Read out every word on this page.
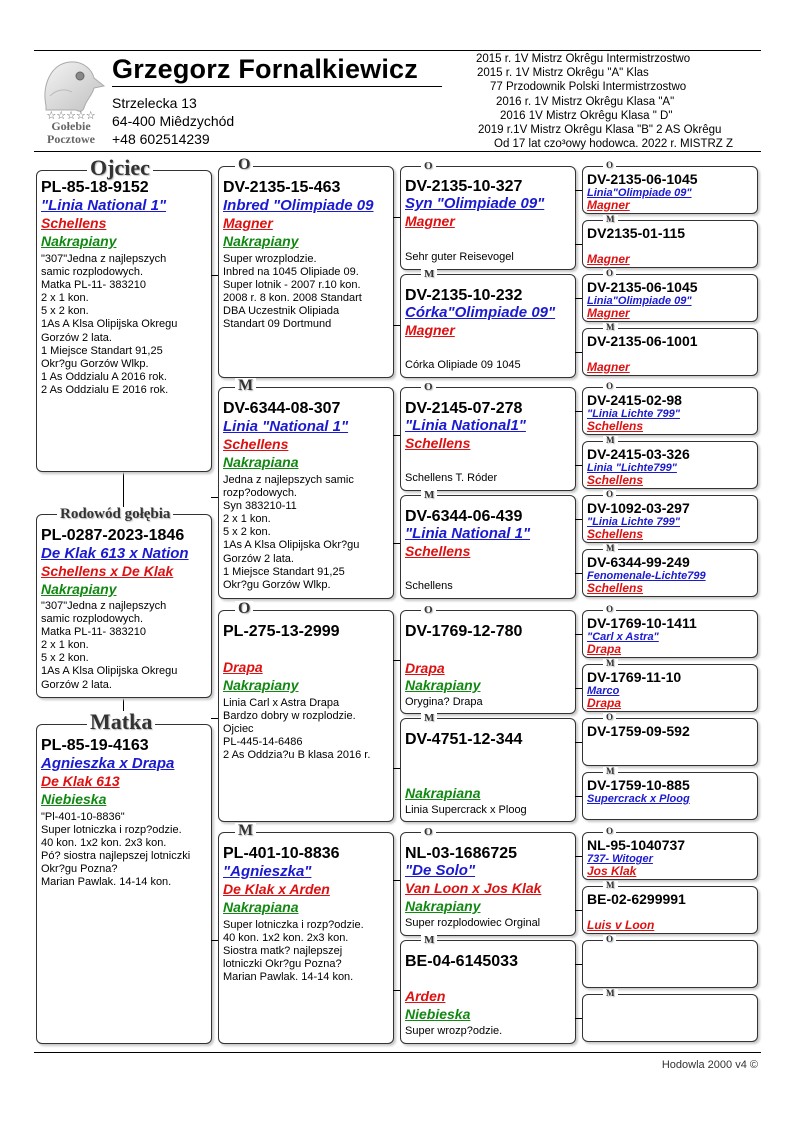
☆☆☆☆☆
Gołebie
Pocztowe
Grzegorz Fornalkiewicz
Strzelecka 13
64-400 Miêdzychód
+48 602514239
2015 r. 1V Mistrz Okrêgu Intermistrzostwo
2015 r. 1V Mistrz Okrêgu "A" Klas
77 Przodownik Polski Intermistrzostwo
2016 r. 1V Mistrz Okrêgu Klasa "A"
2016 1V Mistrz Okrêgu Klasa " D"
2019 r.1V Mistrz Okrêgu Klasa "B" 2 AS Okrêgu
Od 17 lat czo³owy hodowca. 2022 r. MISTRZ Z
Ojciec
PL-85-18-9152
"Linia National 1"
Schellens
Nakrapiany
"307"Jedna z najlepszych
samic rozplodowych.
Matka PL-11- 383210
2 x 1 kon.
5 x 2 kon.
1As A Klsa Olipijska Okregu
Gorzów 2 lata.
1 Miejsce Standart 91,25
Okr?gu Gorzów Wlkp.
1 As Oddzialu A 2016 rok.
2 As Oddzialu E 2016 rok.
Rodowód gołębia
PL-0287-2023-1846
De Klak 613 x Nation
Schellens x De Klak
Nakrapiany
"307"Jedna z najlepszych
samic rozplodowych.
Matka PL-11- 383210
2 x 1 kon.
5 x 2 kon.
1As A Klsa Olipijska Okregu
Gorzów 2 lata.
Matka
PL-85-19-4163
Agnieszka x Drapa
De Klak 613
Niebieska
"Pl-401-10-8836"
Super lotniczka i rozp?odzie.
40 kon. 1x2 kon. 2x3 kon.
Pó? siostra najlepszej lotniczki
Okr?gu Pozna?
Marian Pawlak. 14-14 kon.
O
DV-2135-15-463
Inbred "Olimpiade 09
Magner
Nakrapiany
Super wrozplodzie.
Inbred na 1045 Olipiade 09.
Super lotnik - 2007 r.10 kon.
2008 r. 8 kon. 2008 Standart
DBA Uczestnik Olipiada
Standart 09 Dortmund
M
DV-6344-08-307
Linia "National 1"
Schellens
Nakrapiana
Jedna z najlepszych samic
rozp?odowych.
Syn 383210-11
2 x 1 kon.
5 x 2 kon.
1As A Klsa Olipijska Okr?gu
Gorzów 2 lata.
1 Miejsce Standart 91,25
Okr?gu Gorzów Wlkp.
O
PL-275-13-2999
Drapa
Nakrapiany
Linia Carl x Astra Drapa
Bardzo dobry w rozplodzie.
Ojciec
PL-445-14-6486
2 As Oddzia?u B klasa 2016 r.
M
PL-401-10-8836
"Agnieszka"
De Klak x Arden
Nakrapiana
Super lotniczka i rozp?odzie.
40 kon. 1x2 kon. 2x3 kon.
Siostra matk? najlepszej
lotniczki Okr?gu Pozna?
Marian Pawlak. 14-14 kon.
O
DV-2135-10-327
Syn "Olimpiade 09"
Magner
Sehr guter Reisevogel
M
DV-2135-10-232
Córka"Olimpiade 09"
Magner
Córka Olipiade 09 1045
O
DV-2145-07-278
"Linia National1"
Schellens
Schellens T. Róder
M
DV-6344-06-439
"Linia National 1"
Schellens
Schellens
O
DV-1769-12-780
Drapa
Nakrapiany
Orygina? Drapa
M
DV-4751-12-344
Nakrapiana
Linia Supercrack x Ploog
O
NL-03-1686725
"De Solo"
Van Loon x Jos Klak
Nakrapiany
Super rozplodowiec Orginal
M
BE-04-6145033
Arden
Niebieska
Super wrozp?odzie.
O
DV-2135-06-1045
Linia"Olimpiade 09"
Magner
M
DV2135-01-115
Magner
O
DV-2135-06-1045
Linia"Olimpiade 09"
Magner
M
DV-2135-06-1001
Magner
O
DV-2415-02-98
"Linia Lichte 799"
Schellens
M
DV-2415-03-326
Linia "Lichte799"
Schellens
O
DV-1092-03-297
"Linia Lichte 799"
Schellens
M
DV-6344-99-249
Fenomenale-Lichte799
Schellens
O
DV-1769-10-1411
"Carl x Astra"
Drapa
M
DV-1769-11-10
Marco
Drapa
O
DV-1759-09-592
M
DV-1759-10-885
Supercrack x Ploog
O
NL-95-1040737
737- Witoger
Jos Klak
M
BE-02-6299991
Luis v Loon
O
M
Hodowla 2000 v4 ©
